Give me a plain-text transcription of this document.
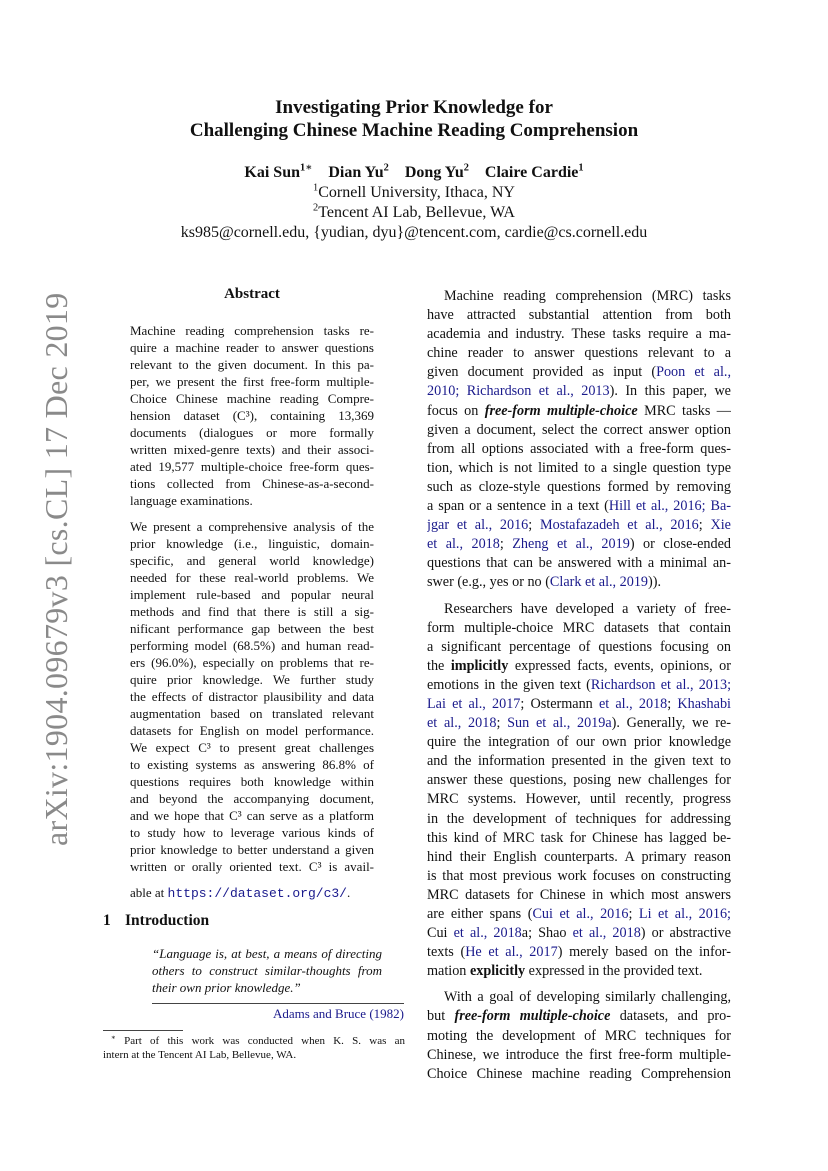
arXiv:1904.09679v3 [cs.CL] 17 Dec 2019
Investigating Prior Knowledge for
Challenging Chinese Machine Reading Comprehension
Kai Sun$^{1∗}$ Dian Yu$^2$ Dong Yu$^2$ Claire Cardie$^1$
$^1$Cornell University, Ithaca, NY
$^2$Tencent AI Lab, Bellevue, WA
ks985@cornell.edu, {yudian, dyu}@tencent.com, cardie@cs.cornell.edu
Abstract
Machine reading comprehension tasks re-
quire a machine reader to answer questions
relevant to the given document. In this pa-
per, we present the first free-form multiple-
Choice Chinese machine reading Compre-
hension dataset (C³), containing 13,369
documents (dialogues or more formally
written mixed-genre texts) and their associ-
ated 19,577 multiple-choice free-form ques-
tions collected from Chinese-as-a-second-
language examinations.
We present a comprehensive analysis of the
prior knowledge (i.e., linguistic, domain-
specific, and general world knowledge)
needed for these real-world problems. We
implement rule-based and popular neural
methods and find that there is still a sig-
nificant performance gap between the best
performing model (68.5%) and human read-
ers (96.0%), especially on problems that re-
quire prior knowledge. We further study
the effects of distractor plausibility and data
augmentation based on translated relevant
datasets for English on model performance.
We expect C³ to present great challenges
to existing systems as answering 86.8% of
questions requires both knowledge within
and beyond the accompanying document,
and we hope that C³ can serve as a platform
to study how to leverage various kinds of
prior knowledge to better understand a given
written or orally oriented text. C³ is avail-
able at https://dataset.org/c3/.
1 Introduction
“Language is, at best, a means of directing
others to construct similar-thoughts from
their own prior knowledge.”
Adams and Bruce (1982)
∗ Part of this work was conducted when K. S. was an
intern at the Tencent AI Lab, Bellevue, WA.
Machine reading comprehension (MRC) tasks
have attracted substantial attention from both
academia and industry. These tasks require a ma-
chine reader to answer questions relevant to a
given document provided as input (Poon et al.,
2010; Richardson et al., 2013). In this paper, we
focus on free-form multiple-choice MRC tasks —
given a document, select the correct answer option
from all options associated with a free-form ques-
tion, which is not limited to a single question type
such as cloze-style questions formed by removing
a span or a sentence in a text (Hill et al., 2016; Ba-
jgar et al., 2016; Mostafazadeh et al., 2016; Xie
et al., 2018; Zheng et al., 2019) or close-ended
questions that can be answered with a minimal an-
swer (e.g., yes or no (Clark et al., 2019)).
Researchers have developed a variety of free-
form multiple-choice MRC datasets that contain
a significant percentage of questions focusing on
the implicitly expressed facts, events, opinions, or
emotions in the given text (Richardson et al., 2013;
Lai et al., 2017; Ostermann et al., 2018; Khashabi
et al., 2018; Sun et al., 2019a). Generally, we re-
quire the integration of our own prior knowledge
and the information presented in the given text to
answer these questions, posing new challenges for
MRC systems. However, until recently, progress
in the development of techniques for addressing
this kind of MRC task for Chinese has lagged be-
hind their English counterparts. A primary reason
is that most previous work focuses on constructing
MRC datasets for Chinese in which most answers
are either spans (Cui et al., 2016; Li et al., 2016;
Cui et al., 2018a; Shao et al., 2018) or abstractive
texts (He et al., 2017) merely based on the infor-
mation explicitly expressed in the provided text.
With a goal of developing similarly challenging,
but free-form multiple-choice datasets, and pro-
moting the development of MRC techniques for
Chinese, we introduce the first free-form multiple-
Choice Chinese machine reading Comprehension
